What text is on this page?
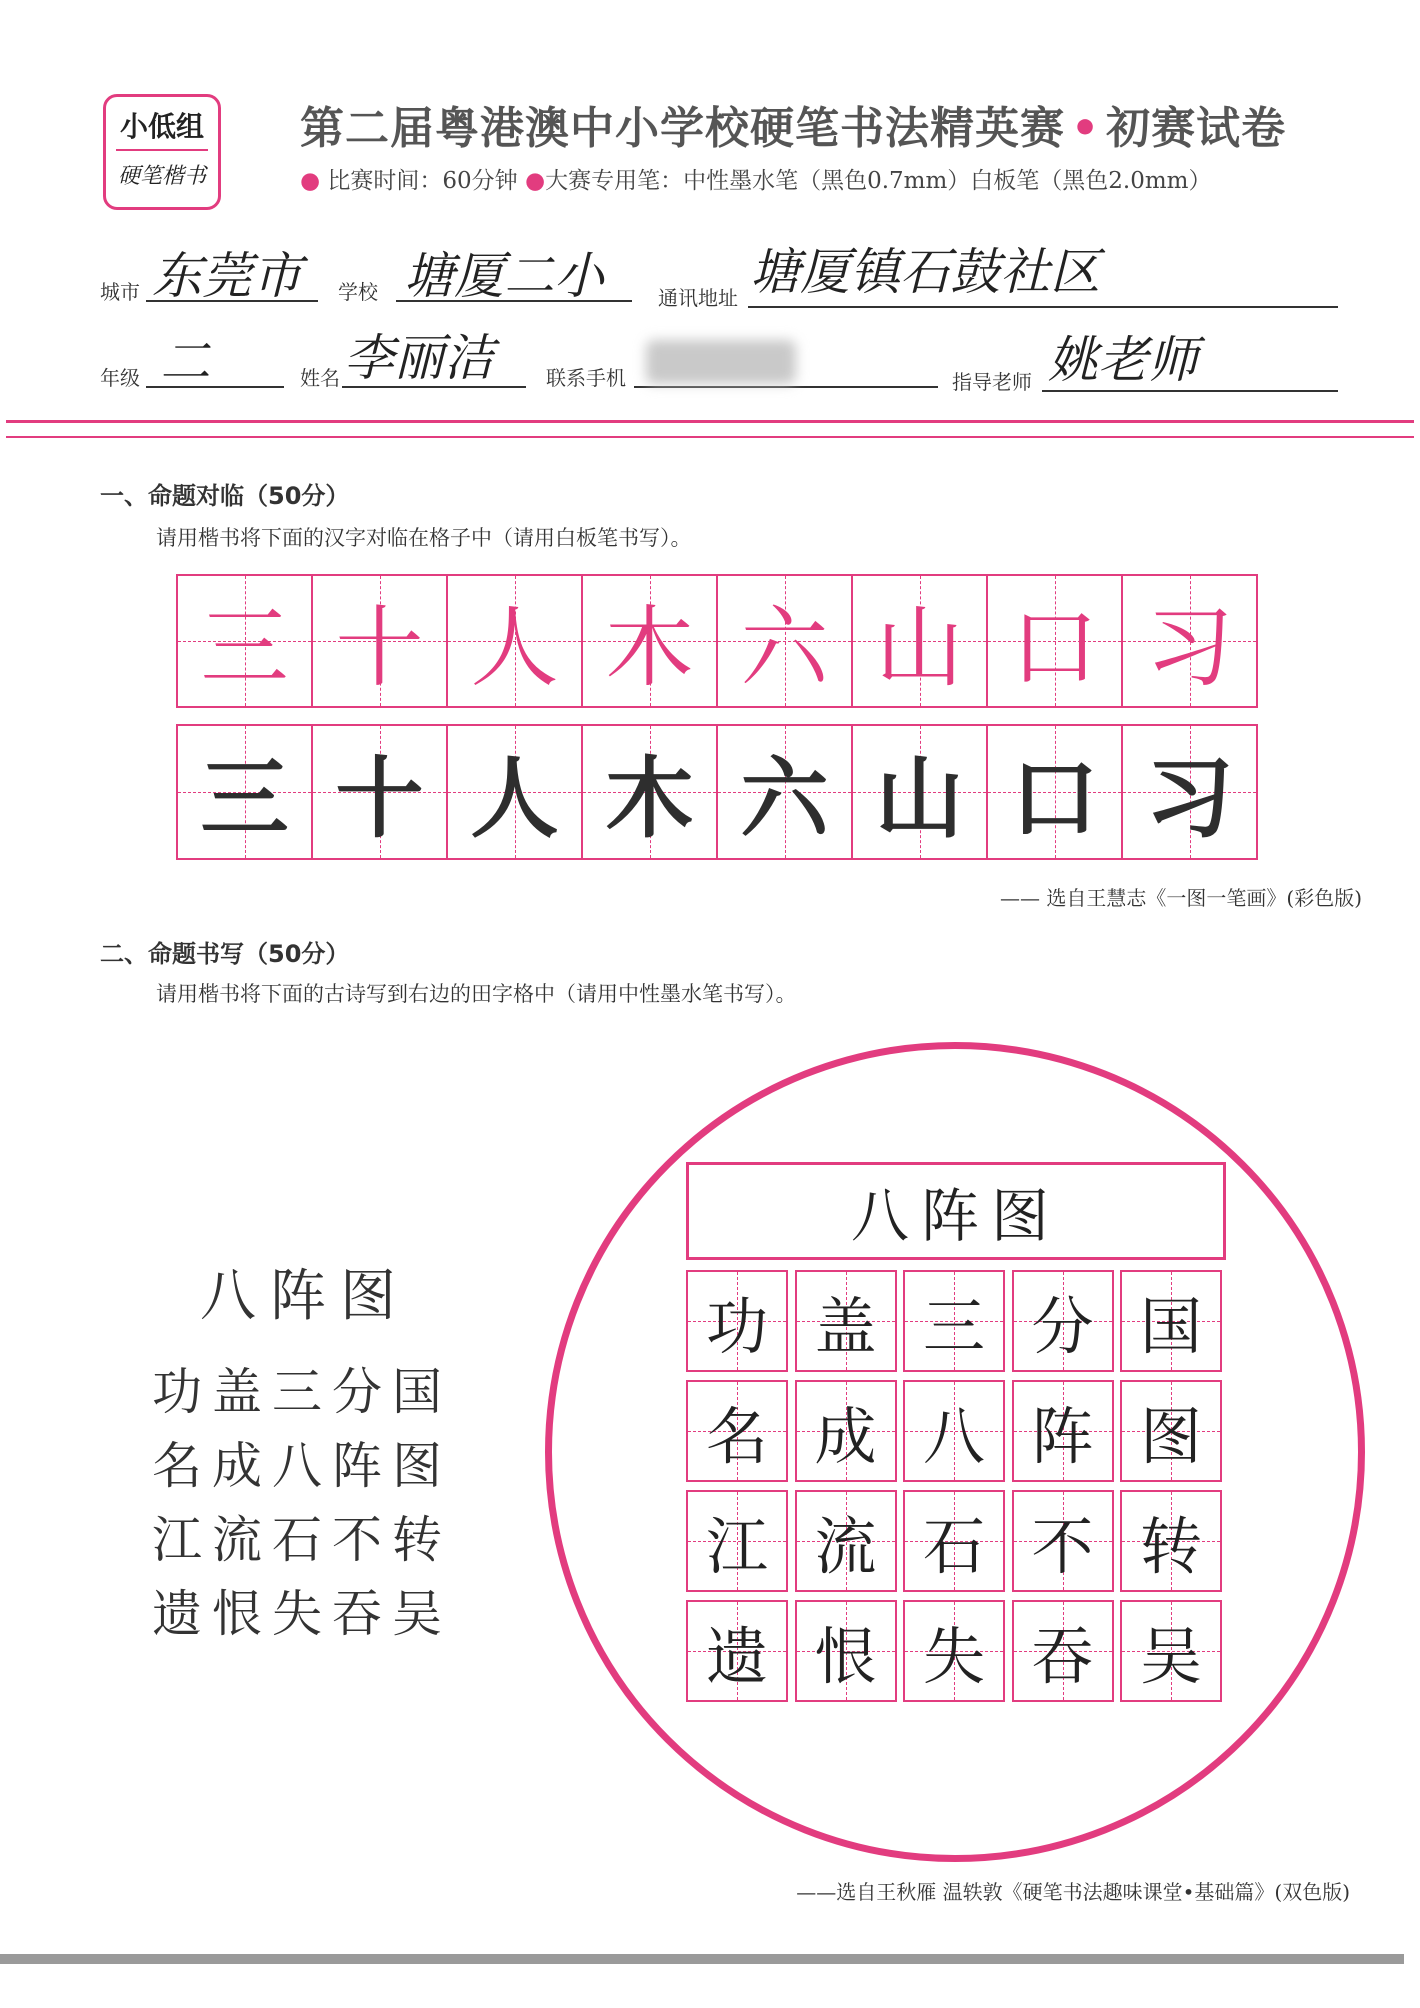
小低组
硬笔楷书
第二届粤港澳中小学校硬笔书法精英赛 • 初赛试卷
● 比赛时间：60分钟 ●大赛专用笔：中性墨水笔（黑色0.7mm）白板笔（黑色2.0mm）
城市 东莞市 学校 塘厦二小	通讯地址 塘厦镇石鼓社区
年级 二	姓名 李丽洁	联系手机	指导老师 姚老师
一、命题对临（50分）
请用楷书将下面的汉字对临在格子中（请用白板笔书写）。
三 十 人 木 六 山 口 习
三 十 人 木 六 山 口 习
—— 选自王慧志《一图一笔画》(彩色版)
二、命题书写（50分）
请用楷书将下面的古诗写到右边的田字格中（请用中性墨水笔书写）。
八阵图
功盖三分国
名成八阵图
江流石不转
遗恨失吞吴
八阵图
功 盖 三 分 国
名 成 八 阵 图
江 流 石 不 转
遗 恨 失 吞 吴
——选自王秋雁 温轶敦《硬笔书法趣味课堂•基础篇》(双色版)
